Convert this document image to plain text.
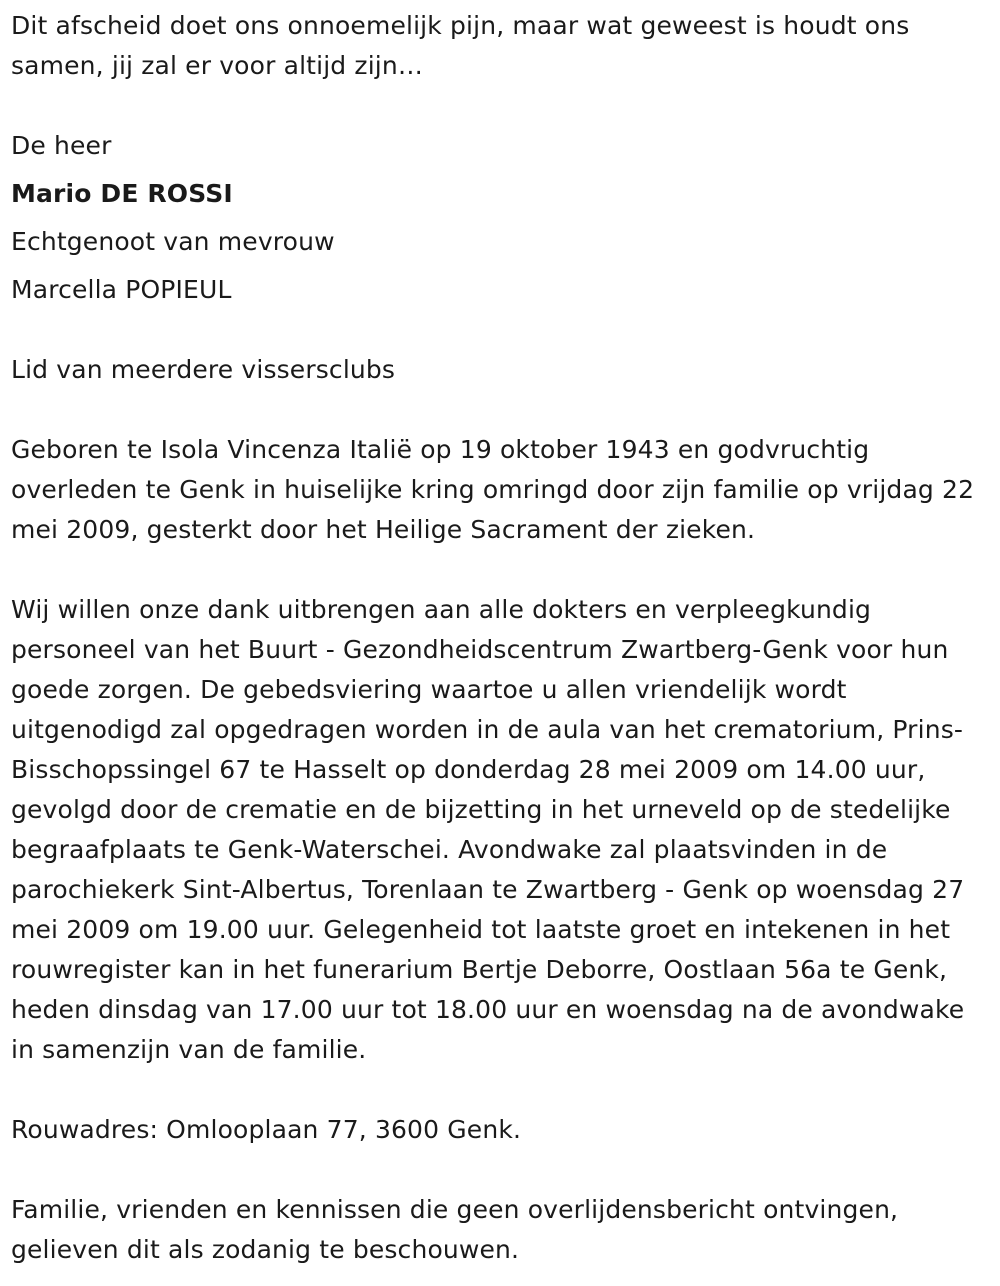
Dit afscheid doet ons onnoemelijk pijn, maar wat geweest is houdt ons samen, jij zal er voor altijd zijn…

De heer

Mario DE ROSSI

Echtgenoot van mevrouw

Marcella POPIEUL

Lid van meerdere vissersclubs

Geboren te Isola Vincenza Italië op 19 oktober 1943 en godvruchtig overleden te Genk in huiselijke kring omringd door zijn familie op vrijdag 22 mei 2009, gesterkt door het Heilige Sacrament der zieken.

Wij willen onze dank uitbrengen aan alle dokters en verpleegkundig personeel van het Buurt - Gezondheidscentrum Zwartberg-Genk voor hun goede zorgen. De gebedsviering waartoe u allen vriendelijk wordt uitgenodigd zal opgedragen worden in de aula van het crematorium, Prins-Bisschopssingel 67 te Hasselt op donderdag 28 mei 2009 om 14.00 uur, gevolgd door de crematie en de bijzetting in het urneveld op de stedelijke begraafplaats te Genk-Waterschei. Avondwake zal plaatsvinden in de parochiekerk Sint-Albertus, Torenlaan te Zwartberg - Genk op woensdag 27 mei 2009 om 19.00 uur. Gelegenheid tot laatste groet en intekenen in het rouwregister kan in het funerarium Bertje Deborre, Oostlaan 56a te Genk, heden dinsdag van 17.00 uur tot 18.00 uur en woensdag na de avondwake in samenzijn van de familie.

Rouwadres: Omlooplaan 77, 3600 Genk.

Familie, vrienden en kennissen die geen overlijdensbericht ontvingen, gelieven dit als zodanig te beschouwen.
